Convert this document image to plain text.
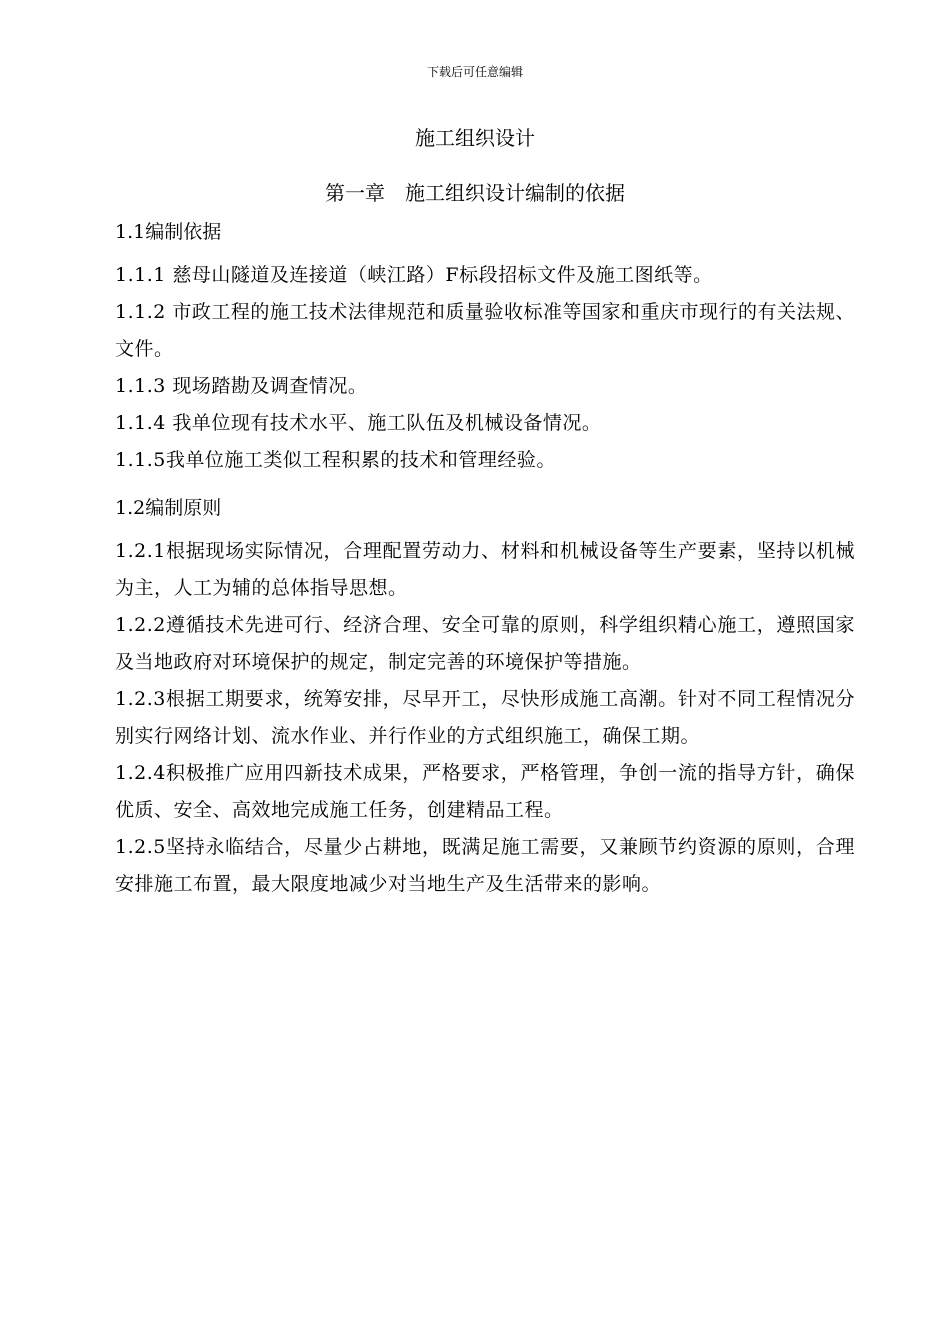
下载后可任意编辑
施工组织设计
第一章　施工组织设计编制的依据
1.1编制依据

1.1.1 慈母山隧道及连接道（峡江路）F标段招标文件及施工图纸等。

1.1.2 市政工程的施工技术法律规范和质量验收标准等国家和重庆市现行的有关法规、文件。

1.1.3 现场踏勘及调查情况。

1.1.4 我单位现有技术水平、施工队伍及机械设备情况。

1.1.5我单位施工类似工程积累的技术和管理经验。

1.2编制原则

1.2.1根据现场实际情况，合理配置劳动力、材料和机械设备等生产要素，坚持以机械为主，人工为辅的总体指导思想。

1.2.2遵循技术先进可行、经济合理、安全可靠的原则，科学组织精心施工，遵照国家及当地政府对环境保护的规定，制定完善的环境保护等措施。

1.2.3根据工期要求，统筹安排，尽早开工，尽快形成施工高潮。针对不同工程情况分别实行网络计划、流水作业、并行作业的方式组织施工，确保工期。

1.2.4积极推广应用四新技术成果，严格要求，严格管理，争创一流的指导方针，确保优质、安全、高效地完成施工任务，创建精品工程。

1.2.5坚持永临结合，尽量少占耕地，既满足施工需要，又兼顾节约资源的原则，合理安排施工布置，最大限度地减少对当地生产及生活带来的影响。
